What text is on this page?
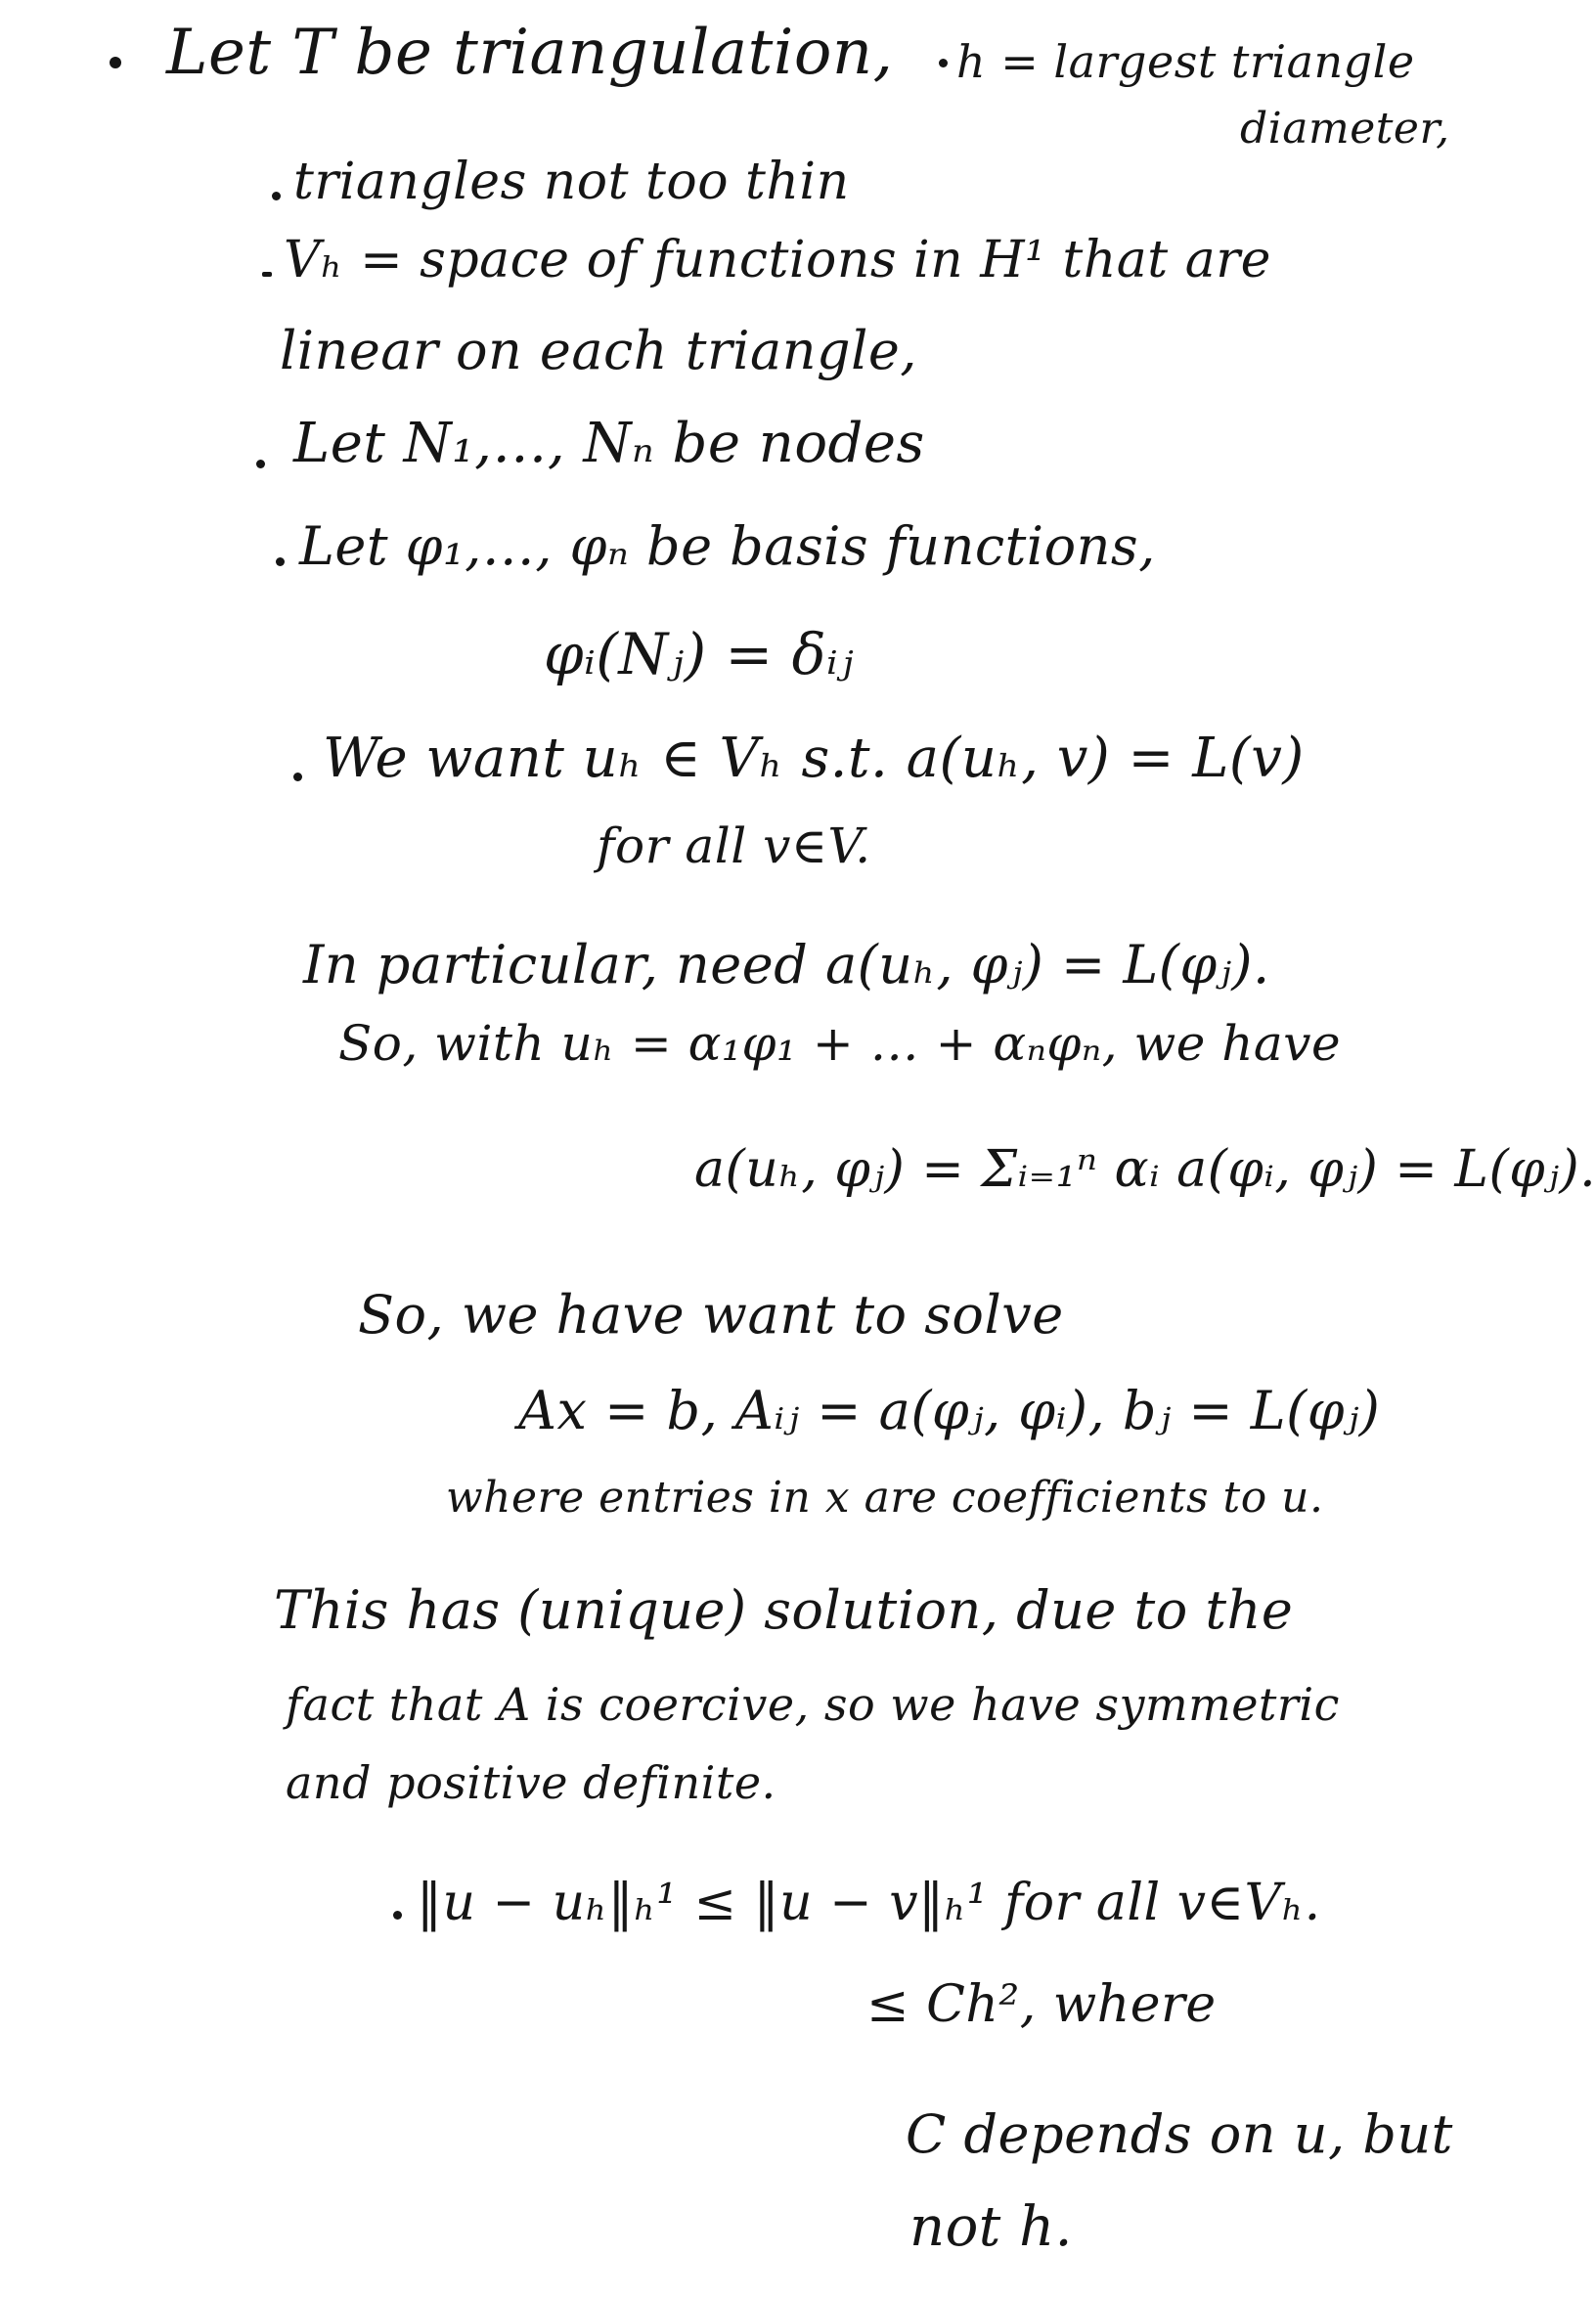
Let T be triangulation, h = largest triangle

triangles not too thin

diameter,

Vₕ = space of functions in H¹ that are

linear on each triangle,

Let N₁,…, Nₙ be nodes

Let φ₁,…, φₙ be basis functions,

φᵢ(Nⱼ) = δᵢⱼ

We want uₕ ∈ Vₕ s.t. a(uₕ, v) = L(v)

for all v∈V.

In particular, need a(uₕ, φⱼ) = L(φⱼ).

So, with uₕ = α₁φ₁ + … + αₙφₙ, we have

a(uₕ, φⱼ) = Σᵢ₌₁ⁿ αᵢ a(φᵢ, φⱼ) = L(φⱼ).

So, we have want to solve

Ax = b, Aᵢⱼ = a(φⱼ, φᵢ), bⱼ = L(φⱼ)

where entries in x are coefficients to u.

This has (unique) solution, due to the

fact that A is coercive, so we have symmetric

and positive definite.

‖u − uₕ‖ₕ¹ ≤ ‖u − v‖ₕ¹ for all v∈Vₕ.

≤ Ch², where

C depends on u, but

not h.
